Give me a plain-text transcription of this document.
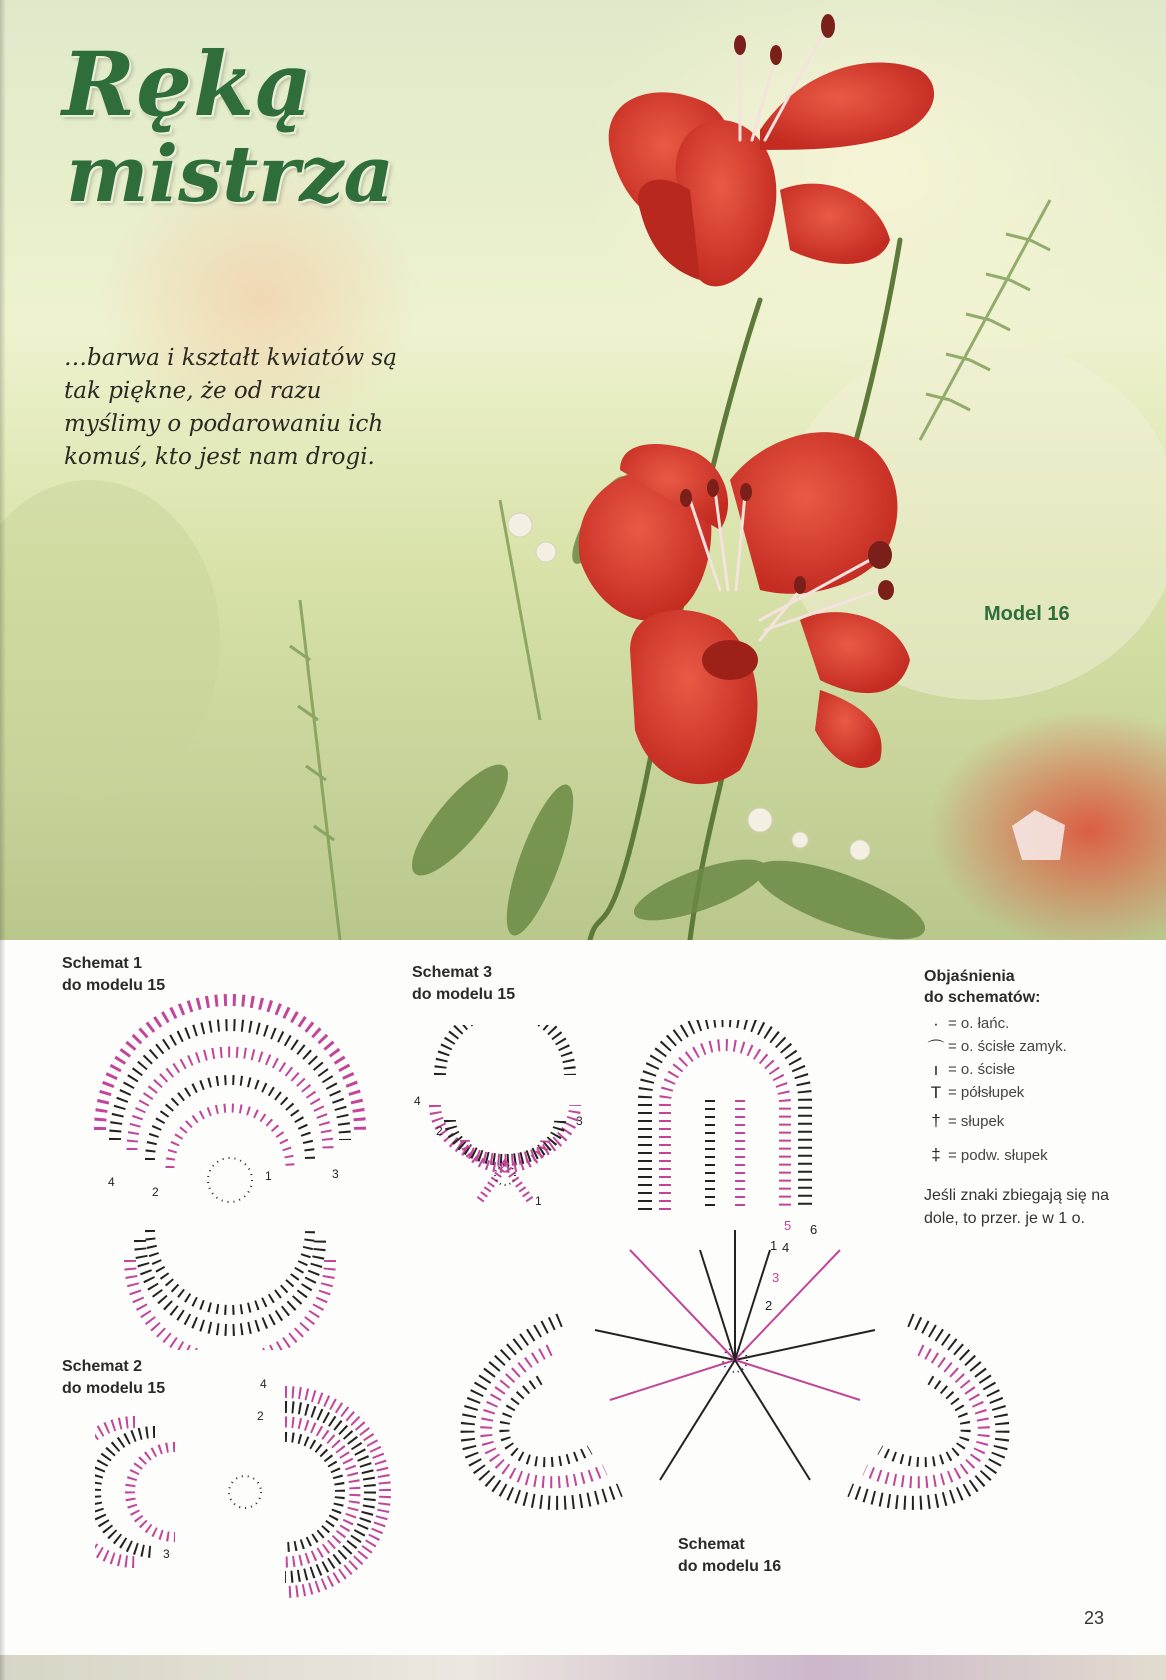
Ręką
mistrza

…barwa i kształt kwiatów są tak piękne, że od razu myślimy o podarowaniu ich komuś, kto jest nam drogi.

Model 16
Schemat 1
do modelu 15
Schemat 2
do modelu 15
Schemat 3
do modelu 15
Schemat
do modelu 16
4
2
1	3
4
2
3
4
2
3
1
1
2
3
4
5 6
Objaśnienia
do schematów:
· = o. łańc.
⌒ = o. ścisłe zamyk.
ı = o. ścisłe
T = półsłupek
† = słupek
‡ = podw. słupek
Jeśli znaki zbiegają się na dole, to przer. je w 1 o.
23
